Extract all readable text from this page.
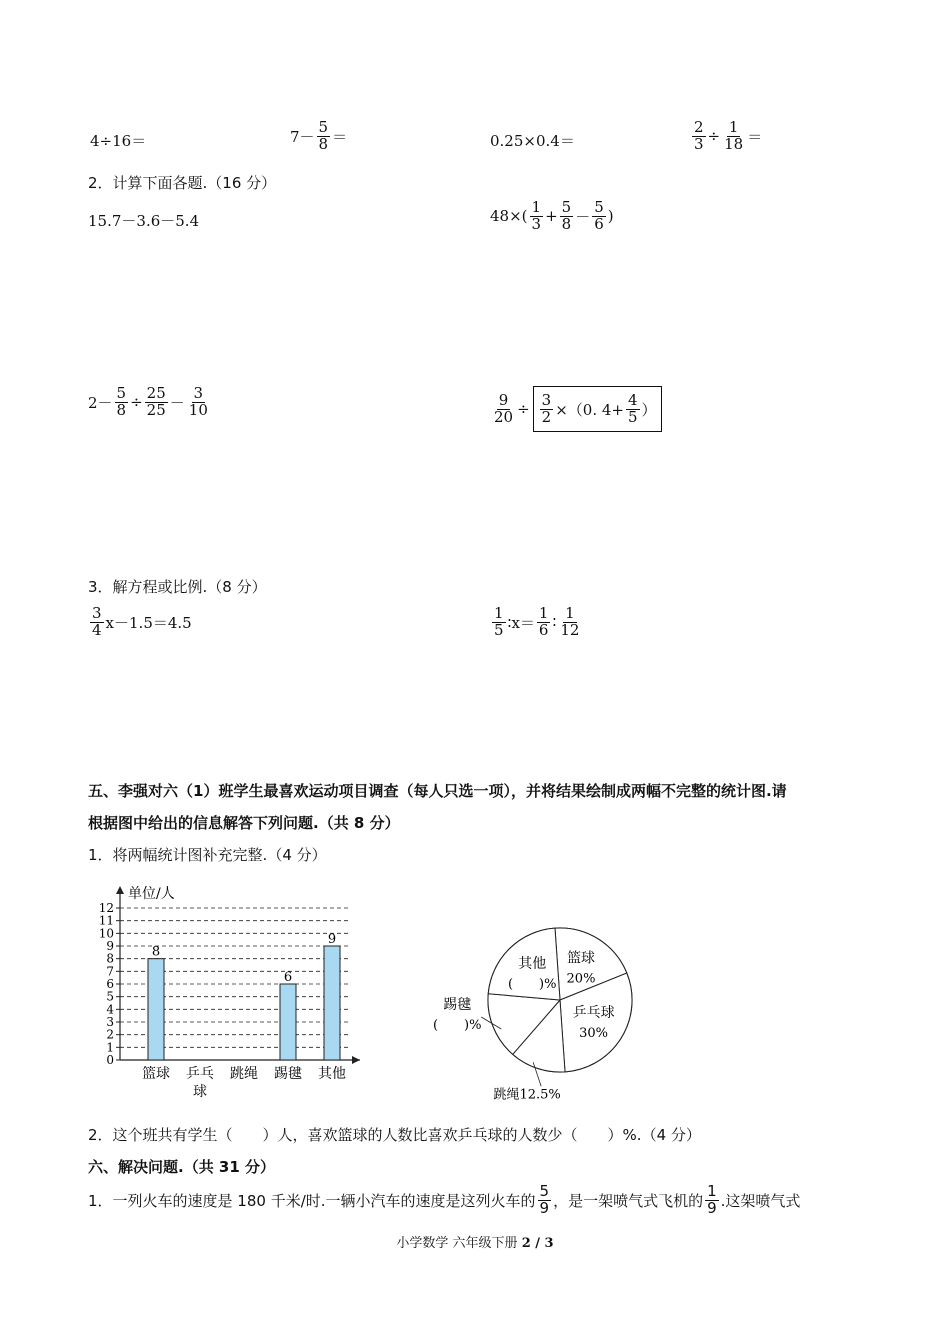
4÷16＝	$7- \frac{5}{8}$ ＝	0.25×0.4＝	$\frac{2}{3} \div \frac{1}{18}$ ＝
2．计算下面各题.（16 分）
15.7－3.6－5.4	$48\times( \frac{1}{3} + \frac{5}{8} - \frac{5}{6}$ )
$2- \frac{5}{8} \div \frac{25}{25} - \frac{3}{10}$	$\frac{9}{20} \div \frac{3}{2} \times(0$. $4+ \frac{4}{5}$ ）
3．解方程或比例.（8 分）
$\frac{3}{4} x-1.5=4.5$	$\frac{1}{5}$ ∶x＝ $\frac{1}{6}$ ∶ $\frac{1}{12}$
五、李强对六（1）班学生最喜欢运动项目调查（每人只选一项），并将结果绘制成两幅不完整的统计图.请
根据图中给出的信息解答下列问题.（共 8 分）
1．将两幅统计图补充完整.（4 分）
0
1
2
3
4
5
6
7
8
9
10
11
12
单位/人
8
篮球 乒乓
球
跳绳
6
踢毽
9
其他
篮球
20%
乒乓球
30%
跳绳12.5%
踢毽
(　　)%
其他
(　　)%
2．这个班共有学生（　　）人，喜欢篮球的人数比喜欢乒乓球的人数少（　　）%.（4 分）
六、解决问题.（共 31 分）
1．一列火车的速度是 180 千米/时.一辆小汽车的速度是这列火车的 $\frac{5}{9}$ ，是一架喷气式飞机的 $\frac{1}{9}$ .这架喷气式
小学数学 六年级下册 2 / 3
